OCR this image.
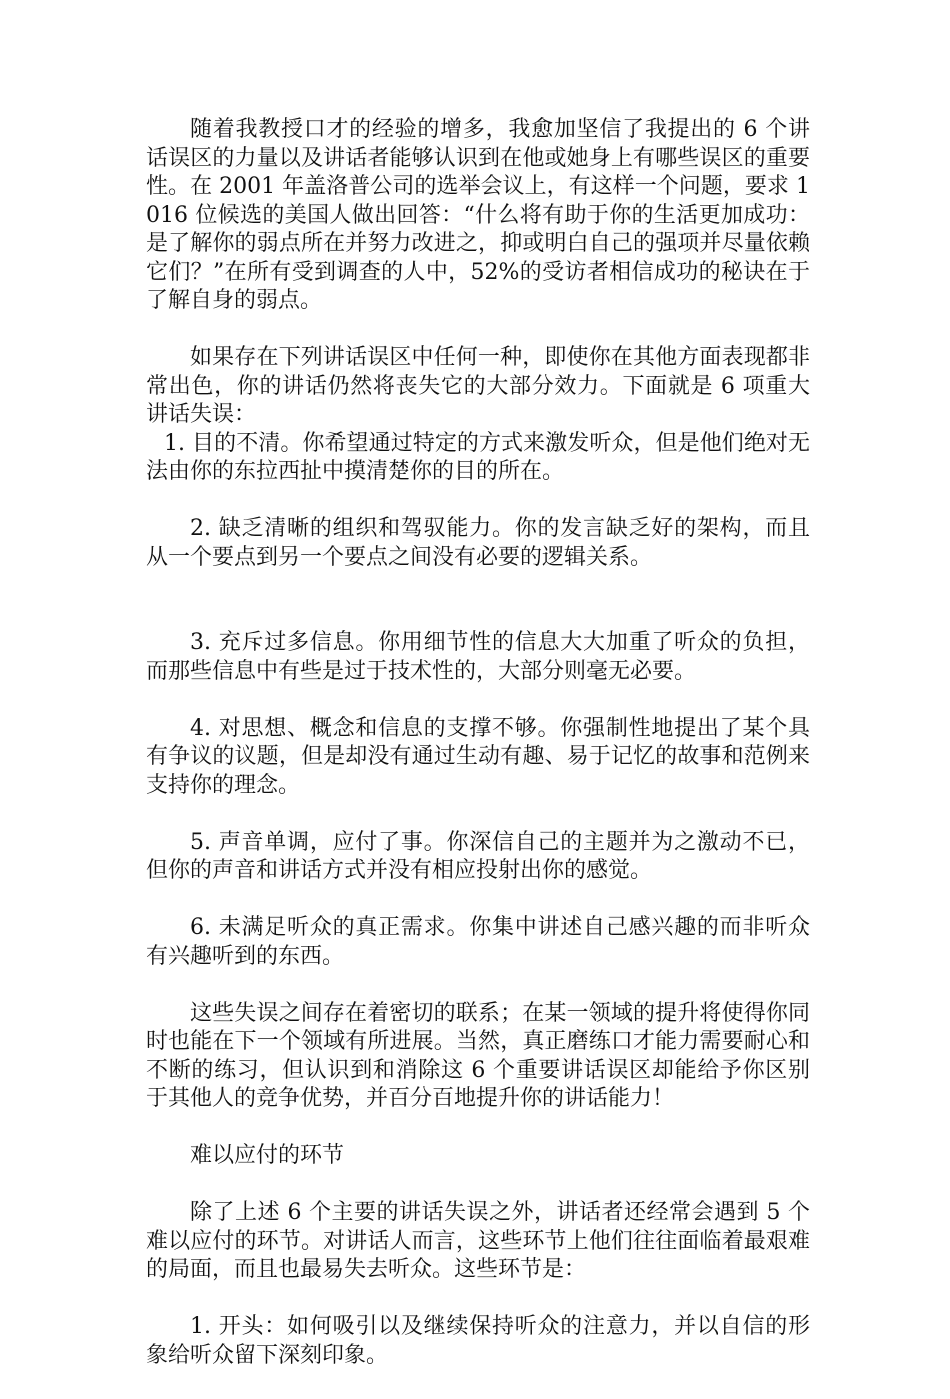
随着我教授口才的经验的增多，我愈加坚信了我提出的 6 个讲话误区的力量以及讲话者能够认识到在他或她身上有哪些误区的重要性。在 2001 年盖洛普公司的选举会议上，有这样一个问题，要求 1 016 位候选的美国人做出回答：“什么将有助于你的生活更加成功：是了解你的弱点所在并努力改进之，抑或明白自己的强项并尽量依赖它们？”在所有受到调查的人中，52%的受访者相信成功的秘诀在于了解自身的弱点。

如果存在下列讲话误区中任何一种，即使你在其他方面表现都非常出色，你的讲话仍然将丧失它的大部分效力。下面就是 6 项重大讲话失误：

1. 目的不清。你希望通过特定的方式来激发听众，但是他们绝对无法由你的东拉西扯中摸清楚你的目的所在。

2. 缺乏清晰的组织和驾驭能力。你的发言缺乏好的架构，而且从一个要点到另一个要点之间没有必要的逻辑关系。

3. 充斥过多信息。你用细节性的信息大大加重了听众的负担，而那些信息中有些是过于技术性的，大部分则毫无必要。

4. 对思想、概念和信息的支撑不够。你强制性地提出了某个具有争议的议题，但是却没有通过生动有趣、易于记忆的故事和范例来支持你的理念。

5. 声音单调，应付了事。你深信自己的主题并为之激动不已，但你的声音和讲话方式并没有相应投射出你的感觉。

6. 未满足听众的真正需求。你集中讲述自己感兴趣的而非听众有兴趣听到的东西。

这些失误之间存在着密切的联系；在某一领域的提升将使得你同时也能在下一个领域有所进展。当然，真正磨练口才能力需要耐心和不断的练习，但认识到和消除这 6 个重要讲话误区却能给予你区别于其他人的竞争优势，并百分百地提升你的讲话能力！

难以应付的环节

除了上述 6 个主要的讲话失误之外，讲话者还经常会遇到 5 个难以应付的环节。对讲话人而言，这些环节上他们往往面临着最艰难的局面，而且也最易失去听众。这些环节是：

1. 开头：如何吸引以及继续保持听众的注意力，并以自信的形象给听众留下深刻印象。
